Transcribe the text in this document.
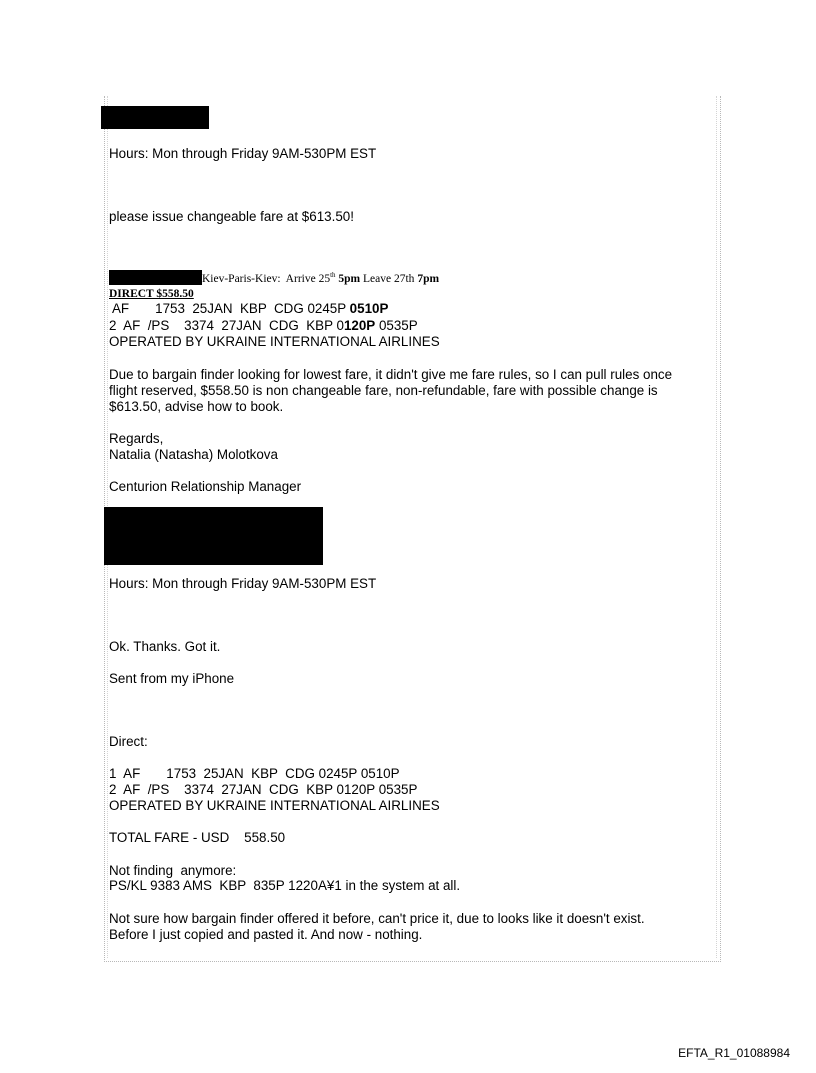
Hours: Mon through Friday 9AM-530PM EST

please issue changeable fare at $613.50!

Kiev-Paris-Kiev:  Arrive 25th 5pm Leave 27th 7pm

DIRECT $558.50

AF       1753  25JAN  KBP  CDG 0245P 0510P

2  AF  /PS    3374  27JAN  CDG  KBP 0120P 0535P

OPERATED BY UKRAINE INTERNATIONAL AIRLINES

Due to bargain finder looking for lowest fare, it didn't give me fare rules, so I can pull rules once

flight reserved, $558.50 is non changeable fare, non-refundable, fare with possible change is

$613.50, advise how to book.

Regards,

Natalia (Natasha) Molotkova

Centurion Relationship Manager

Hours: Mon through Friday 9AM-530PM EST

Ok. Thanks. Got it.

Sent from my iPhone

Direct:

1  AF       1753  25JAN  KBP  CDG 0245P 0510P

2  AF  /PS    3374  27JAN  CDG  KBP 0120P 0535P

OPERATED BY UKRAINE INTERNATIONAL AIRLINES

TOTAL FARE - USD    558.50

Not finding  anymore:

PS/KL 9383 AMS  KBP  835P 1220A¥1 in the system at all.

Not sure how bargain finder offered it before, can't price it, due to looks like it doesn't exist.

Before I just copied and pasted it. And now - nothing.

EFTA_R1_01088984
